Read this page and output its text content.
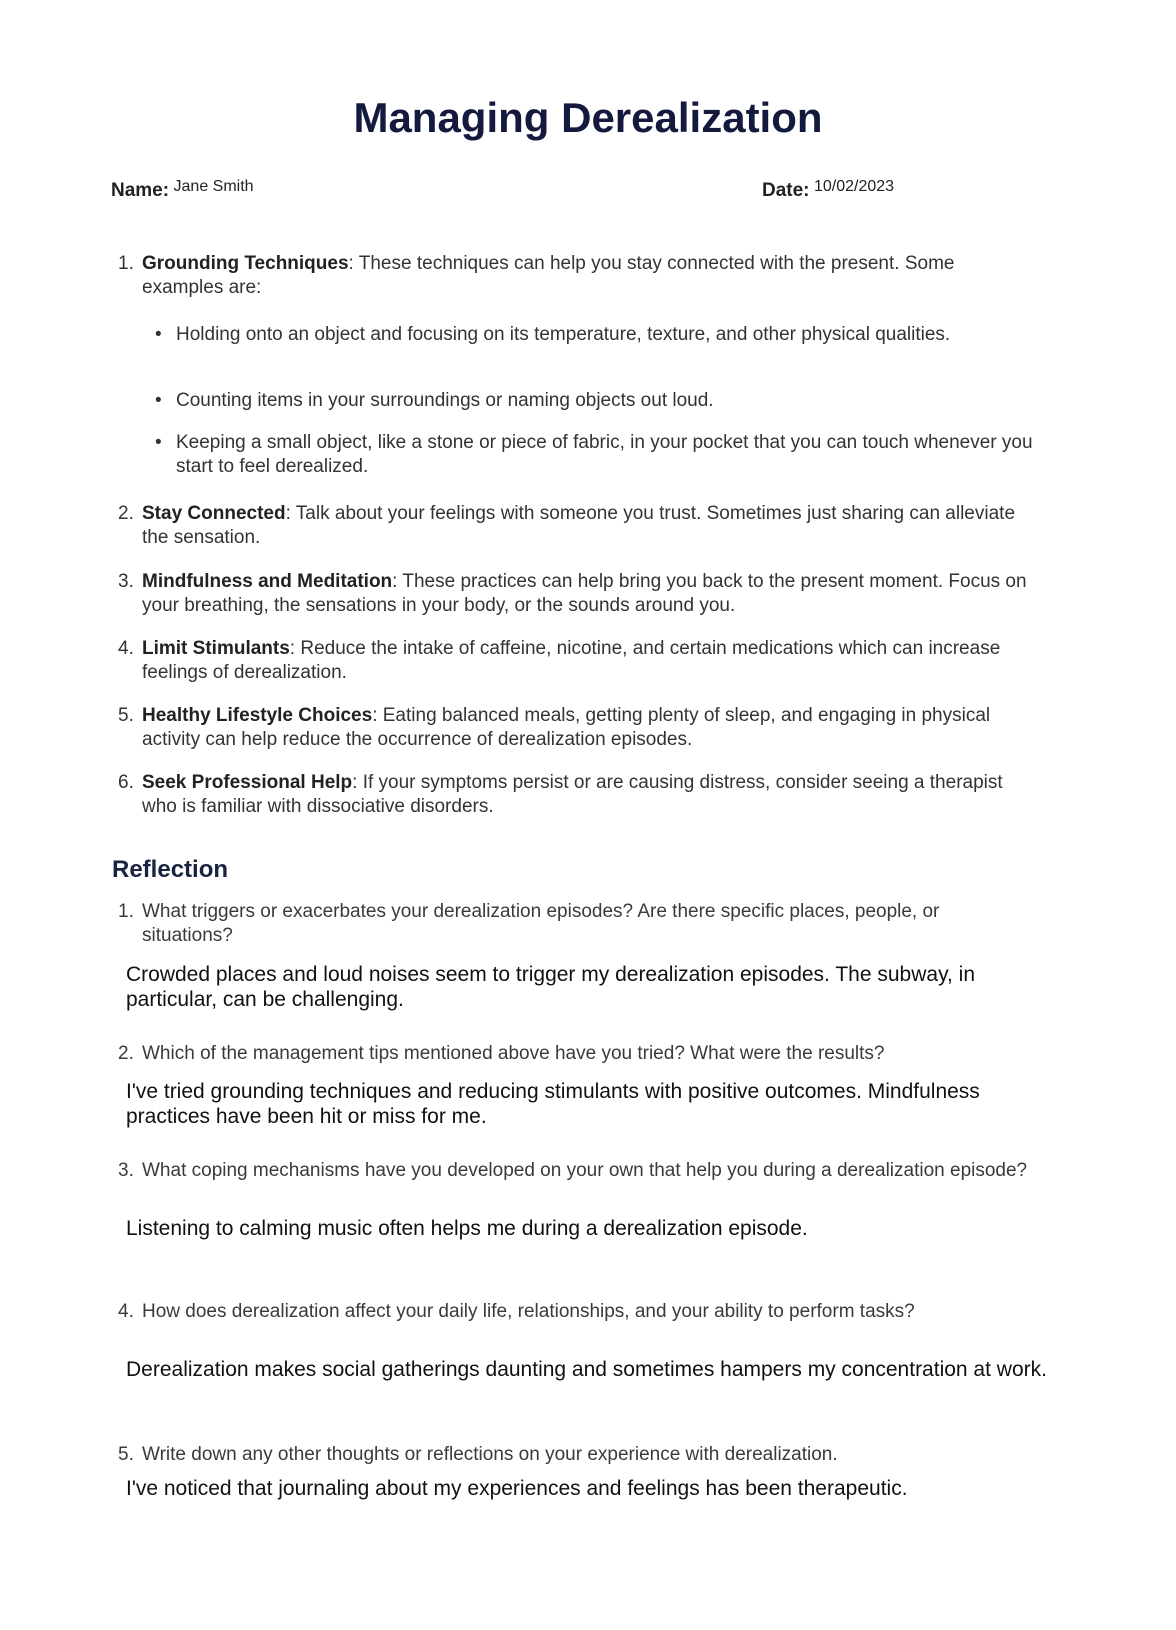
Managing Derealization
Name: Jane Smith	Date: 10/02/2023
1. Grounding Techniques: These techniques can help you stay connected with the present. Some examples are:
• Holding onto an object and focusing on its temperature, texture, and other physical qualities.
• Counting items in your surroundings or naming objects out loud.
• Keeping a small object, like a stone or piece of fabric, in your pocket that you can touch whenever you start to feel derealized.
2. Stay Connected: Talk about your feelings with someone you trust. Sometimes just sharing can alleviate the sensation.
3. Mindfulness and Meditation: These practices can help bring you back to the present moment. Focus on your breathing, the sensations in your body, or the sounds around you.
4. Limit Stimulants: Reduce the intake of caffeine, nicotine, and certain medications which can increase feelings of derealization.
5. Healthy Lifestyle Choices: Eating balanced meals, getting plenty of sleep, and engaging in physical activity can help reduce the occurrence of derealization episodes.
6. Seek Professional Help: If your symptoms persist or are causing distress, consider seeing a therapist who is familiar with dissociative disorders.
Reflection
1. What triggers or exacerbates your derealization episodes? Are there specific places, people, or situations?
Crowded places and loud noises seem to trigger my derealization episodes. The subway, in particular, can be challenging.
2. Which of the management tips mentioned above have you tried? What were the results?
I've tried grounding techniques and reducing stimulants with positive outcomes. Mindfulness practices have been hit or miss for me.
3. What coping mechanisms have you developed on your own that help you during a derealization episode?
Listening to calming music often helps me during a derealization episode.
4. How does derealization affect your daily life, relationships, and your ability to perform tasks?
Derealization makes social gatherings daunting and sometimes hampers my concentration at work.
5. Write down any other thoughts or reflections on your experience with derealization.
I've noticed that journaling about my experiences and feelings has been therapeutic.
